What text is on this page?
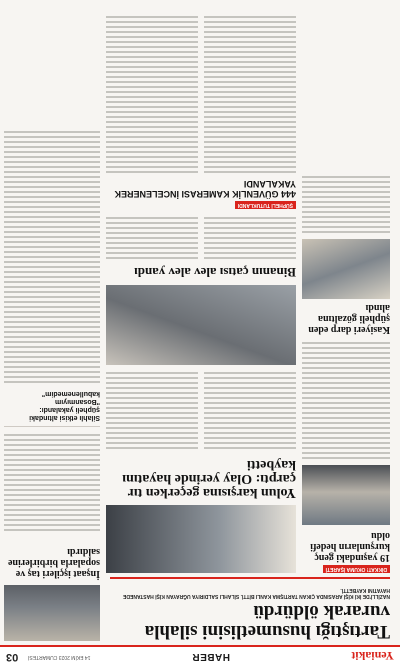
Yeniakit
HABER
14 EKİM 2023 CUMARTESİ
03
Tartıştığı husumetlisini silahla vurarak öldürdü
NAZİLLİ'DE İKİ KİŞİ ARASINDA ÇIKAN TARTIŞMA KANLI BİTTİ. SİLAHLI SALDIRIYA UĞRAYAN KİŞİ HASTANEDE HAYATINI KAYBETTİ.
DİKKAT! OKUMA İŞARETİ
19 yaşındaki genç kurşunların hedefi oldu
Kasiyeri darp eden şüpheli gözaltına alındı
Yolun karşısına geçerken tır çarptı: Olay yerinde hayatını kaybetti
Binanın çatısı alev alev yandı
ŞÜPHELİ TUTUKLANDI
444 GÜVENLİK KAMERASI İNCELENEREK YAKALANDI
İnşaat işçileri taş ve sopalarla birbirlerine saldırdı
Silahlı etkisi altındaki şüpheli yakalandı: "Bosanmıyım kabullenemedim"
